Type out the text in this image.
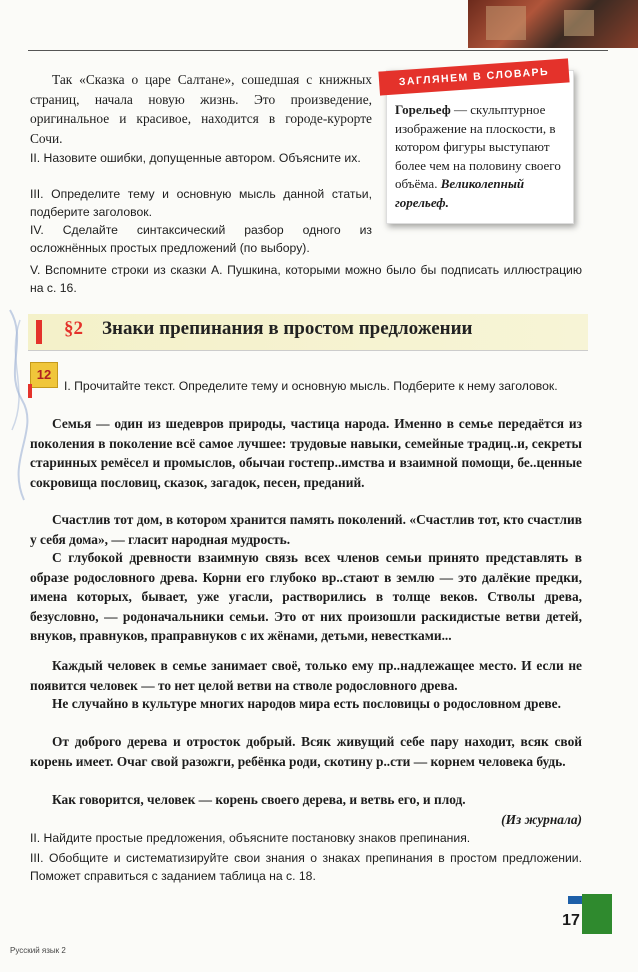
Так «Сказка о царе Салтане», сошедшая с книжных страниц, начала новую жизнь. Это произведение, оригинальное и красивое, находится в городе-курорте Сочи.

II. Назовите ошибки, допущенные автором. Объясните их.

III. Определите тему и основную мысль данной статьи, подберите заголовок.

IV. Сделайте синтаксический разбор одного из осложнённых простых предложений (по выбору).

V. Вспомните строки из сказки А. Пушкина, которыми можно было бы подписать иллюстрацию на с. 16.

ЗАГЛЯНЕМ В СЛОВАРЬ
Горельеф — скульптурное изображение на плоскости, в котором фигуры выступают более чем на половину своего объёма. Великолепный горельеф.
§2 Знаки препинания в простом предложении
12

I. Прочитайте текст. Определите тему и основную мысль. Подберите к нему заголовок.

Семья — один из шедевров природы, частица народа. Именно в семье передаётся из поколения в поколение всё самое лучшее: трудовые навыки, семейные традиц..и, секреты старинных ремёсел и промыслов, обычаи гостепр..имства и взаимной помощи, бе..ценные сокровища пословиц, сказок, загадок, песен, преданий.

Счастлив тот дом, в котором хранится память поколений. «Счастлив тот, кто счастлив у себя дома», — гласит народная мудрость.

С глубокой древности взаимную связь всех членов семьи принято представлять в образе родословного древа. Корни его глубоко вр..стают в землю — это далёкие предки, имена которых, бывает, уже угасли, растворились в толще веков. Стволы древа, безусловно, — родоначальники семьи. Это от них произошли раскидистые ветви детей, внуков, правнуков, праправнуков с их жёнами, детьми, невестками...

Каждый человек в семье занимает своё, только ему пр..надлежащее место. И если не появится человек — то нет целой ветви на стволе родословного древа.

Не случайно в культуре многих народов мира есть пословицы о родословном древе.

От доброго дерева и отросток добрый. Всяк живущий себе пару находит, всяк свой корень имеет. Очаг свой разожги, ребёнка роди, скотину р..сти — корнем человека будь.

Как говорится, человек — корень своего дерева, и ветвь его, и плод.

(Из журнала)

II. Найдите простые предложения, объясните постановку знаков препинания.

III. Обобщите и систематизируйте свои знания о знаках препинания в простом предложении. Поможет справиться с заданием таблица на с. 18.

17
Русский язык 2
